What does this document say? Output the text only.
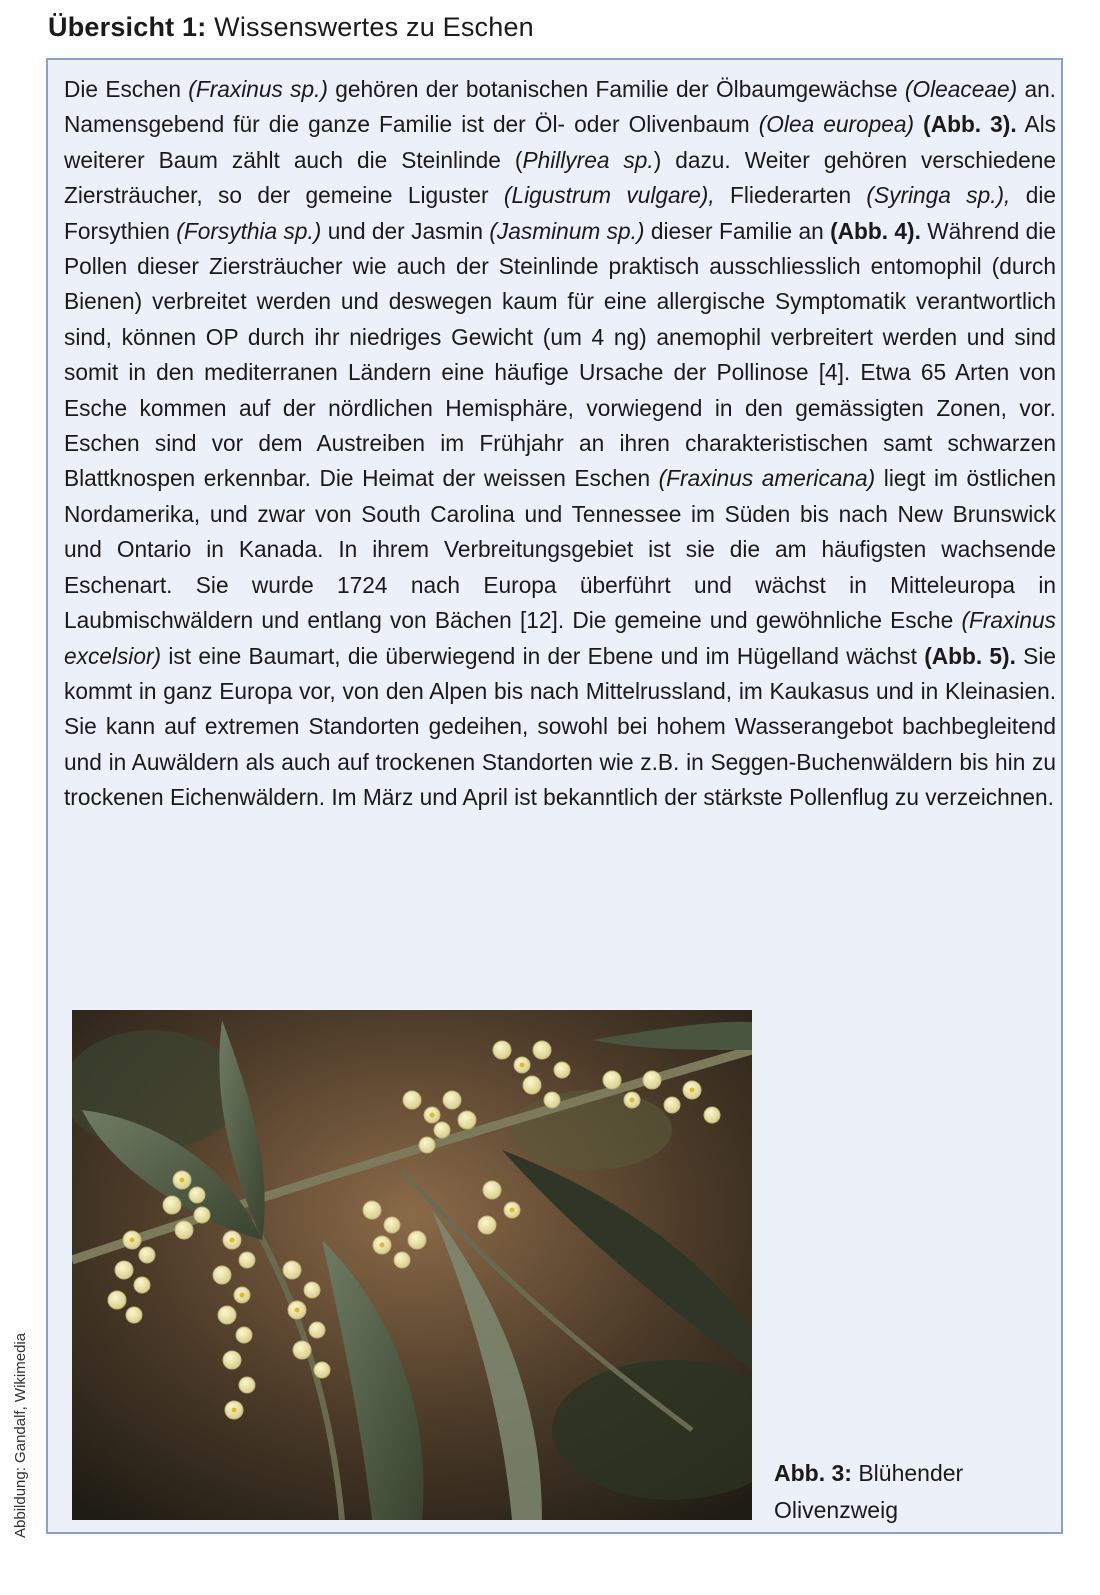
Übersicht 1: Wissenswertes zu Eschen
Die Eschen (Fraxinus sp.) gehören der botanischen Familie der Ölbaumgewächse (Oleaceae) an. Namensgebend für die ganze Familie ist der Öl- oder Olivenbaum (Olea europea) (Abb. 3). Als weiterer Baum zählt auch die Steinlinde (Phillyrea sp.) dazu. Weiter gehören verschiedene Ziersträucher, so der gemeine Liguster (Ligustrum vulgare), Fliederarten (Syringa sp.), die Forsythien (Forsythia sp.) und der Jasmin (Jasminum sp.) dieser Familie an (Abb. 4). Während die Pollen dieser Ziersträucher wie auch der Steinlinde praktisch ausschliesslich entomophil (durch Bienen) verbreitet werden und deswegen kaum für eine allergische Symptomatik verantwortlich sind, können OP durch ihr niedriges Gewicht (um 4 ng) anemophil verbreitert werden und sind somit in den mediterranen Ländern eine häufige Ursache der Pollinose [4]. Etwa 65 Arten von Esche kommen auf der nördlichen Hemisphäre, vorwiegend in den gemässigten Zonen, vor. Eschen sind vor dem Austreiben im Frühjahr an ihren charakteristischen samt schwarzen Blattknospen erkennbar. Die Heimat der weissen Eschen (Fraxinus americana) liegt im östlichen Nordamerika, und zwar von South Carolina und Tennessee im Süden bis nach New Brunswick und Ontario in Kanada. In ihrem Verbreitungsgebiet ist sie die am häufigsten wachsende Eschenart. Sie wurde 1724 nach Europa überführt und wächst in Mitteleuropa in Laubmischwäldern und entlang von Bächen [12]. Die gemeine und gewöhnliche Esche (Fraxinus excelsior) ist eine Baumart, die überwiegend in der Ebene und im Hügelland wächst (Abb. 5). Sie kommt in ganz Europa vor, von den Alpen bis nach Mittelrussland, im Kaukasus und in Kleinasien. Sie kann auf extremen Standorten gedeihen, sowohl bei hohem Wasserangebot bachbegleitend und in Auwäldern als auch auf trockenen Standorten wie z.B. in Seggen-Buchenwäldern bis hin zu trockenen Eichenwäldern. Im März und April ist bekanntlich der stärkste Pollenflug zu verzeichnen.
Abb. 3: Blühender Olivenzweig
Abbildung: Gandalf, Wikimedia
